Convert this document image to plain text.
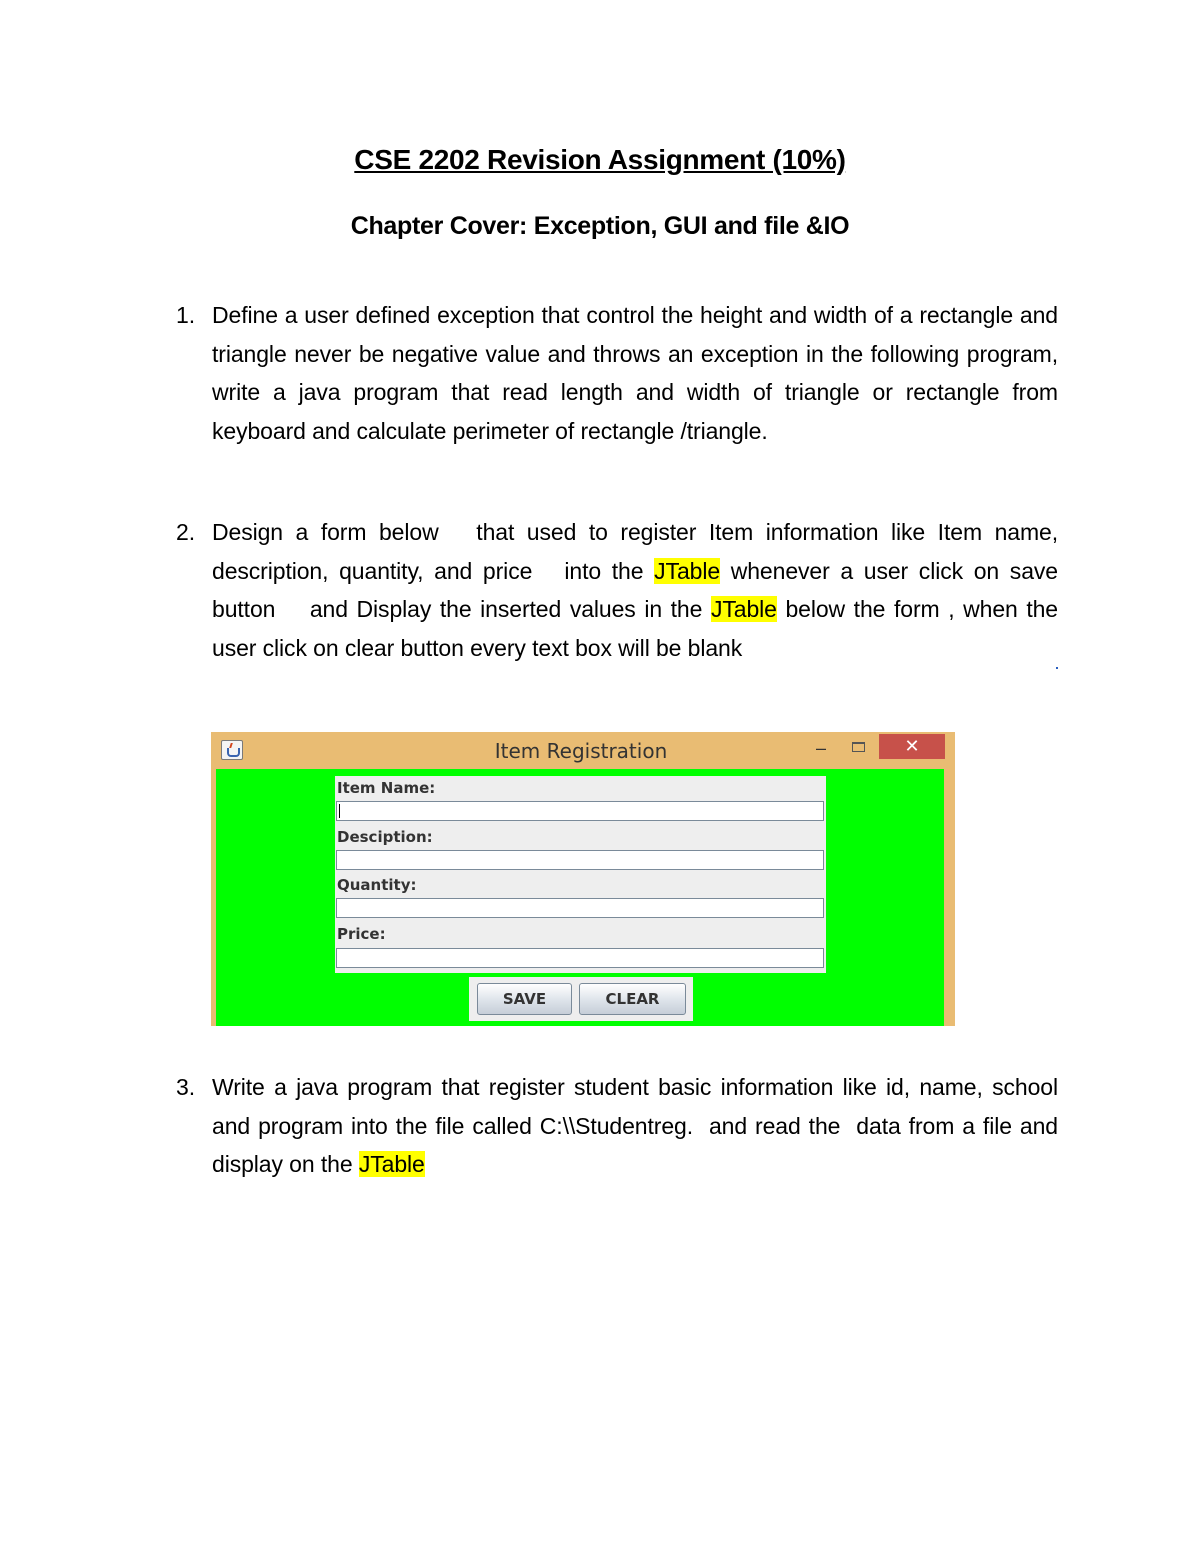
CSE 2202 Revision Assignment (10%)
Chapter Cover: Exception, GUI and file &IO
1. Define a user defined exception that control the height and width of a rectangle and triangle never be negative value and throws an exception in the following program, write a java program that read length and width of triangle or rectangle from keyboard and calculate perimeter of rectangle /triangle.
2. Design a form below   that used to register Item information like Item name, description, quantity, and price   into the JTable whenever a user click on save  button    and Display the inserted values in the JTable below the form , when the user click on clear button every text box will be blank
Item Registration	–	✕
Item Name:
Desciption:
Quantity:
Price:
SAVE	CLEAR
3. Write a java program that register student basic information like id, name, school and program into the file called C:\\Studentreg.  and read the  data from a file and display on the JTable
